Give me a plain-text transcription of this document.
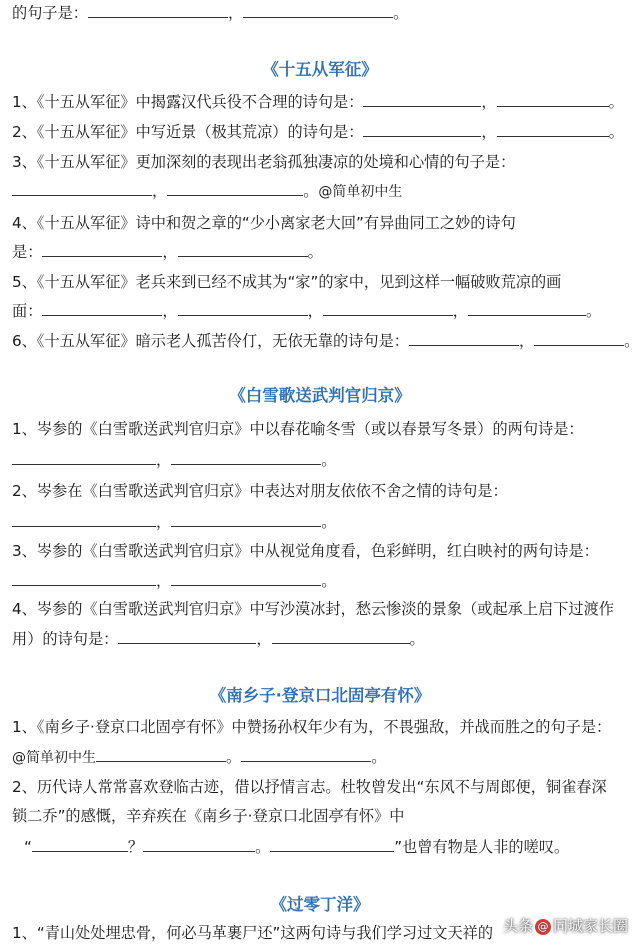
的句子是：	，	。
《十五从军征》
1、《十五从军征》中揭露汉代兵役不合理的诗句是：	，	。
2、《十五从军征》中写近景（极其荒凉）的诗句是：	，	。
3、《十五从军征》更加深刻的表现出老翁孤独凄凉的处境和心情的句子是：
，	。@简单初中生
4、《十五从军征》诗中和贺之章的“少小离家老大回”有异曲同工之妙的诗句
是：	，	。
5、《十五从军征》老兵来到已经不成其为“家”的家中，见到这样一幅破败荒凉的画
面：	，	，	，	。
6、《十五从军征》暗示老人孤苦伶仃，无依无靠的诗句是：	，	。
《白雪歌送武判官归京》
1、岑参的《白雪歌送武判官归京》中以春花喻冬雪（或以春景写冬景）的两句诗是：
，	。
2、岑参在《白雪歌送武判官归京》中表达对朋友依依不舍之情的诗句是：
，	。
3、岑参的《白雪歌送武判官归京》中从视觉角度看，色彩鲜明，红白映衬的两句诗是：
，	。
4、岑参的《白雪歌送武判官归京》中写沙漠冰封，愁云惨淡的景象（或起承上启下过渡作
用）的诗句是：	，	。
《南乡子·登京口北固亭有怀》
1、《南乡子·登京口北固亭有怀》中赞扬孙权年少有为，不畏强敌，并战而胜之的句子是：
@简单初中生	。	。
2、历代诗人常常喜欢登临古迹，借以抒情言志。杜牧曾发出“东风不与周郎便，铜雀春深
锁二乔”的感慨，辛弃疾在《南乡子·登京口北固亭有怀》中
“	？	。	”也曾有物是人非的嗟叹。
《过零丁洋》
1、“青山处处埋忠骨，何必马革裹尸还”这两句诗与我们学习过文天祥的 头条 @ 同城家长圈
